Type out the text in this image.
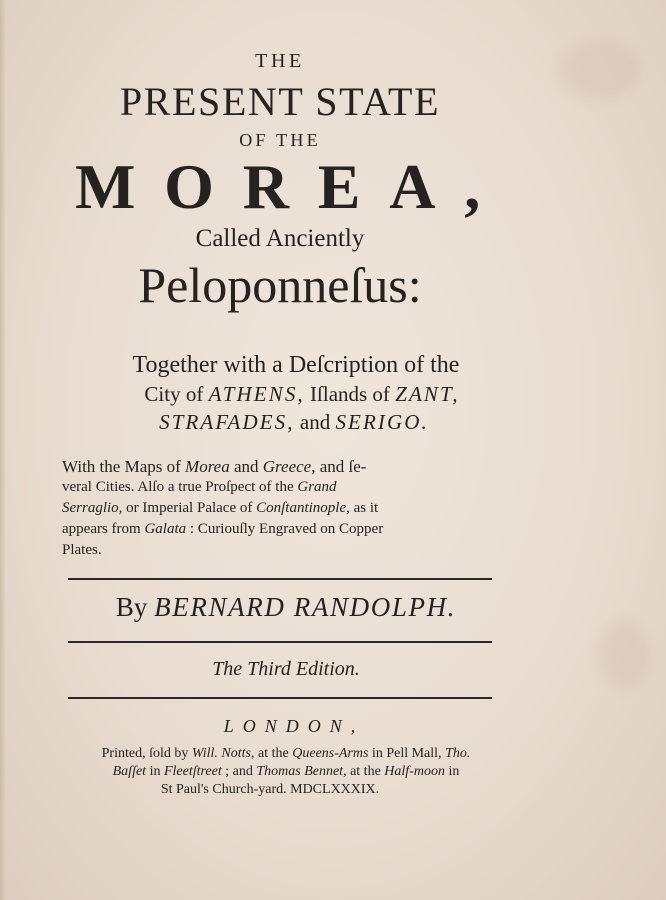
THE
PRESENT STATE
OF THE
MOREA,
Called Anciently
Peloponneſus:
Together with a Deſcription of the
City of ATHENS, Iſlands of ZANT,
STRAFADES, and SERIGO.
With the Maps of Morea and Greece, and ſe-
veral Cities. Alſo a true Proſpect of the Grand
Serraglio, or Imperial Palace of Conſtantinople, as it
appears from Galata : Curiouſly Engraved on Copper
Plates.
By BERNARD RANDOLPH.
The Third Edition.
LONDON,
Printed, ſold by Will. Notts, at the Queens-Arms in Pell Mall, Tho.
Baſſet in Fleetſtreet ; and Thomas Bennet, at the Half-moon in
St Paul's Church-yard. MDCLXXXIX.
